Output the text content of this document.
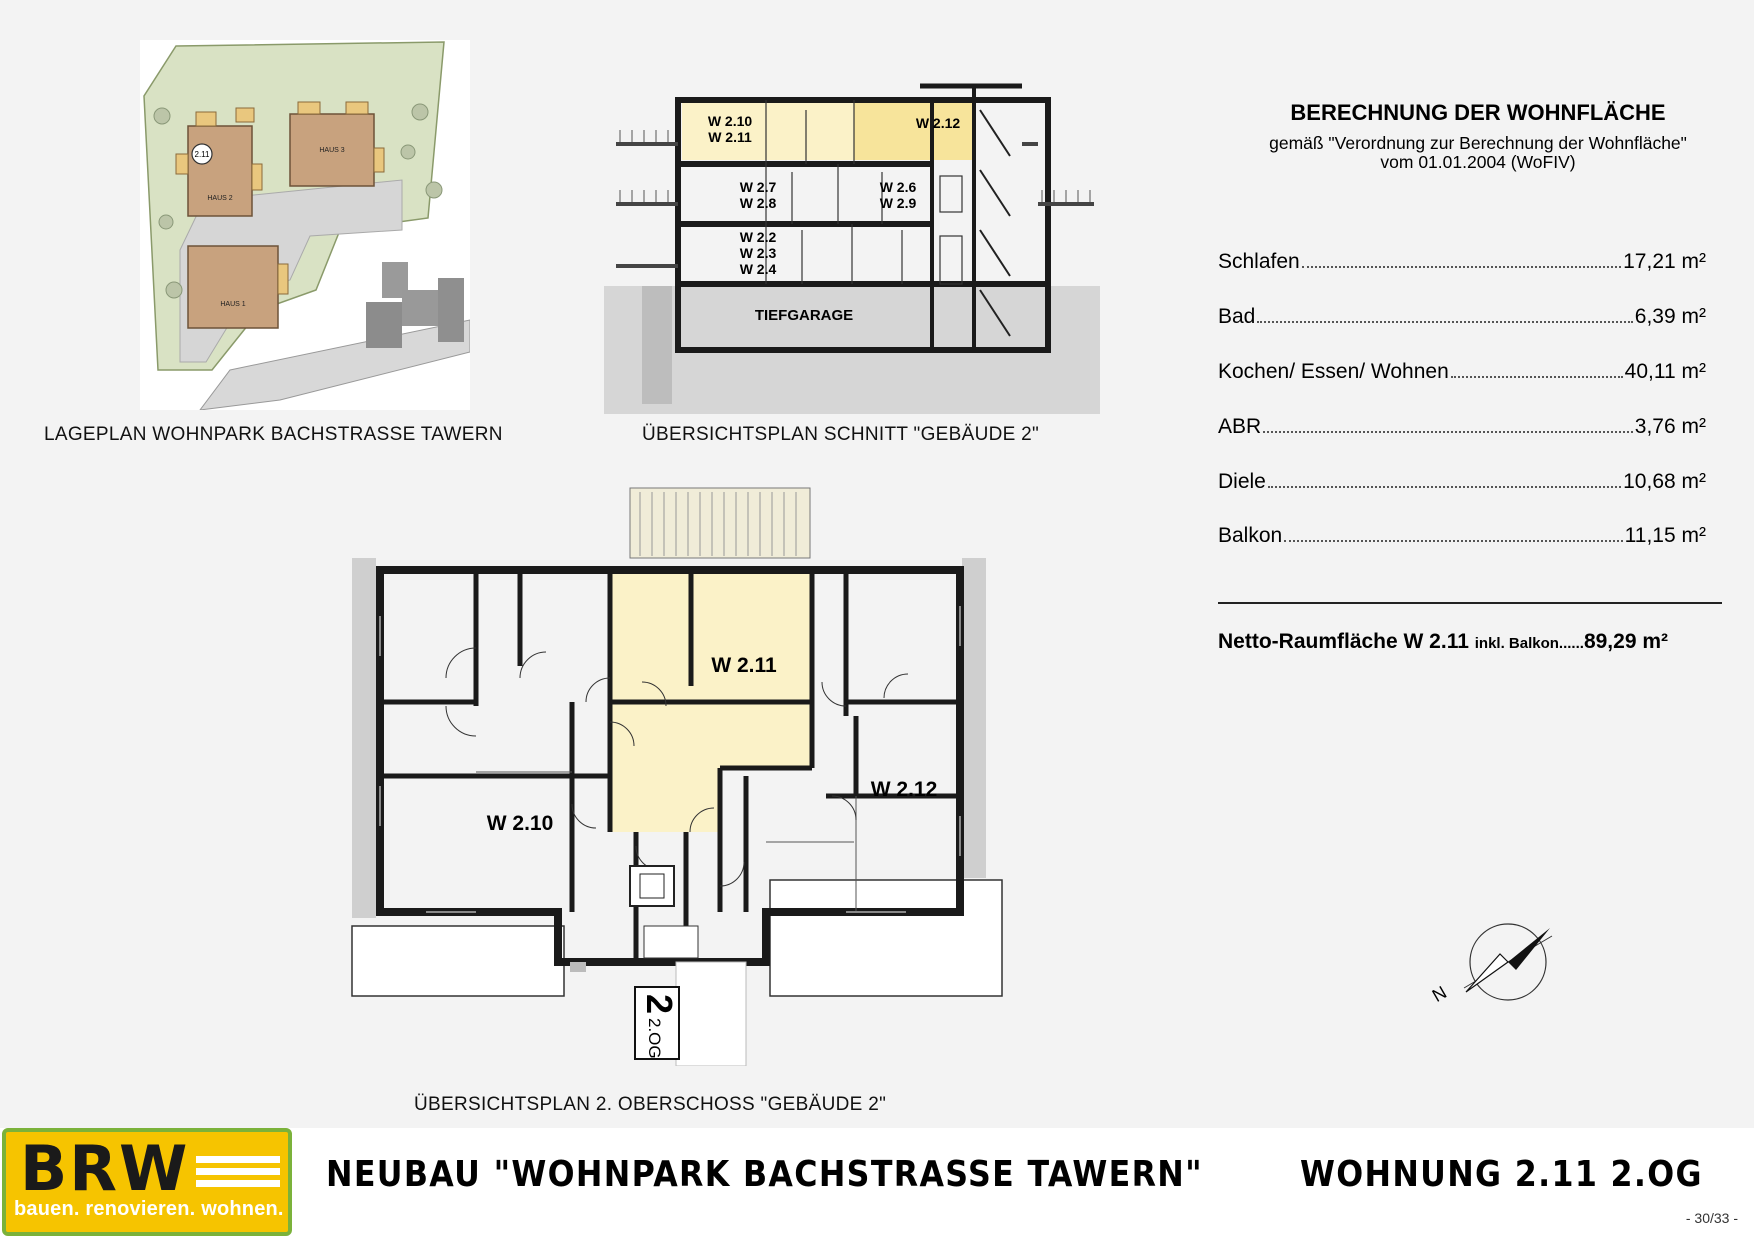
2.11	HAUS 3
HAUS 2
HAUS 1
LAGEPLAN WOHNPARK BACHSTRASSE TAWERN
W 2.10
W 2.11
W 2.12
W 2.7
W 2.8
W 2.6
W 2.9
W 2.2
W 2.3
W 2.4
TIEFGARAGE
ÜBERSICHTSPLAN SCHNITT "GEBÄUDE 2"
W 2.11
W 2.10
W 2.12
2
2.OG
ÜBERSICHTSPLAN 2. OBERSCHOSS "GEBÄUDE 2"
N
BERECHNUNG DER WOHNFLÄCHE
gemäß "Verordnung zur Berechnung der Wohnfläche"
vom 01.01.2004 (WoFIV)
Schlafen	17,21 m²
Bad	6,39 m²
Kochen/ Essen/ Wohnen	40,11 m²
ABR	3,76 m²
Diele	10,68 m²
Balkon	11,15 m²
Netto-Raumfläche W 2.11 inkl. Balkon......89,29 m²
BRW
bauen. renovieren. wohnen.
NEUBAU "WOHNPARK BACHSTRASSE TAWERN"	WOHNUNG 2.11 2.OG
- 30/33 -
